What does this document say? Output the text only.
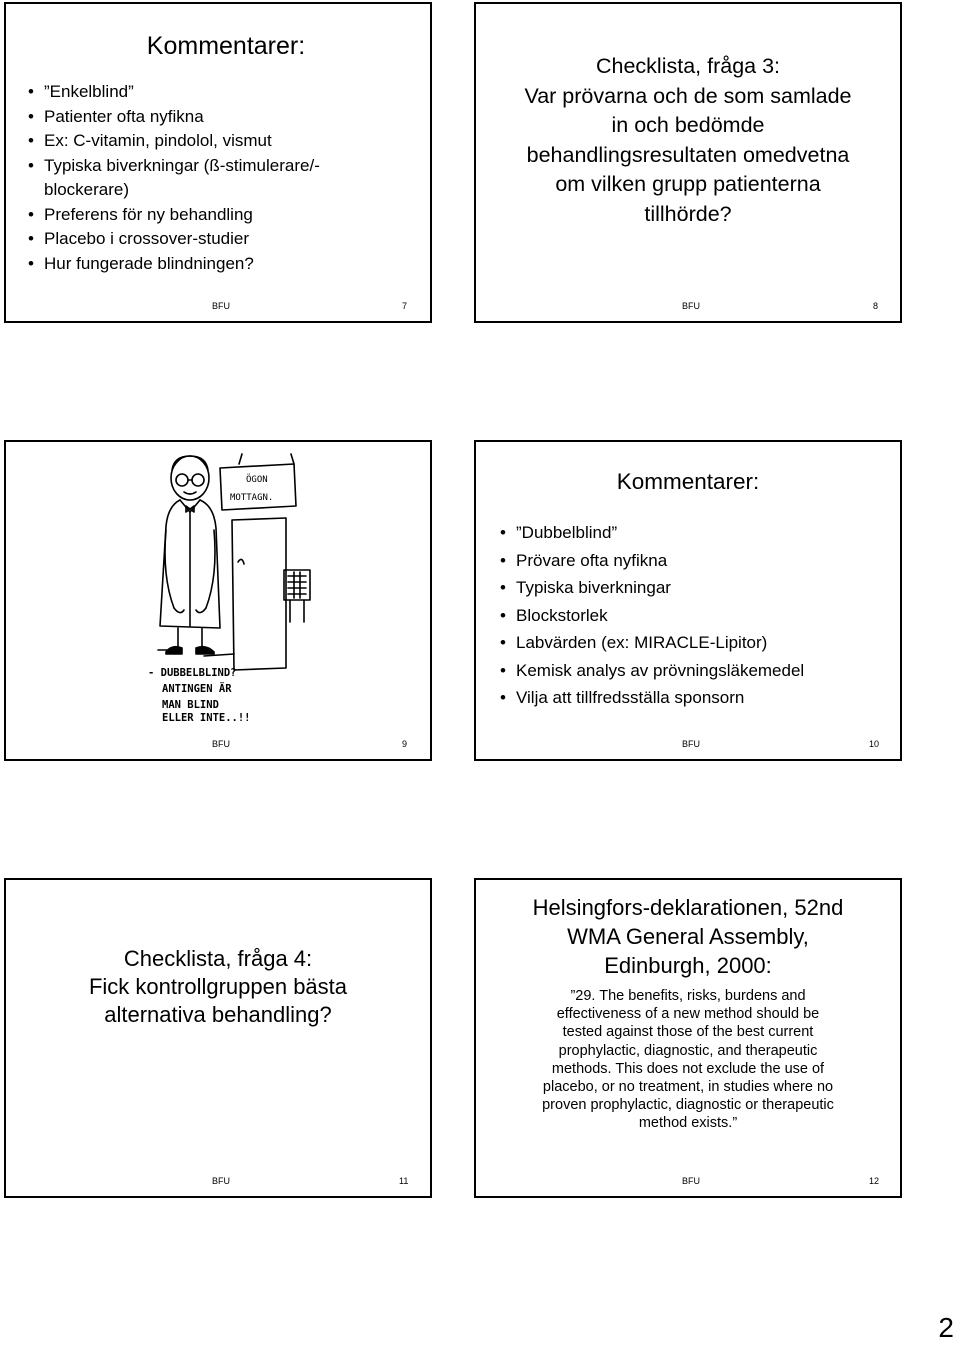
Kommentarer:
• ”Enkelblind”
• Patienter ofta nyfikna
• Ex: C-vitamin, pindolol, vismut
• Typiska biverkningar (ß-stimulerare/-blockerare)
• Preferens för ny behandling
• Placebo i crossover-studier
• Hur fungerade blindningen?
BFU	7
Checklista, fråga 3:
Var prövarna och de som samlade
in och bedömde
behandlingsresultaten omedvetna
om vilken grupp patienterna
tillhörde?
BFU	8
ÖGON
MOTTAGN.
- DUBBELBLIND?
ANTINGEN ÄR
MAN BLIND
ELLER INTE..!!
BFU	9
Kommentarer:
• ”Dubbelblind”
• Prövare ofta nyfikna
• Typiska biverkningar
• Blockstorlek
• Labvärden (ex: MIRACLE-Lipitor)
• Kemisk analys av prövningsläkemedel
• Vilja att tillfredsställa sponsorn
BFU	10
Checklista, fråga 4:
Fick kontrollgruppen bästa
alternativa behandling?
BFU	11
Helsingfors-deklarationen, 52nd
WMA General Assembly,
Edinburgh, 2000:
”29. The benefits, risks, burdens and
effectiveness of a new method should be
tested against those of the best current
prophylactic, diagnostic, and therapeutic
methods. This does not exclude the use of
placebo, or no treatment, in studies where no
proven prophylactic, diagnostic or therapeutic
method exists.”
BFU	12
2
